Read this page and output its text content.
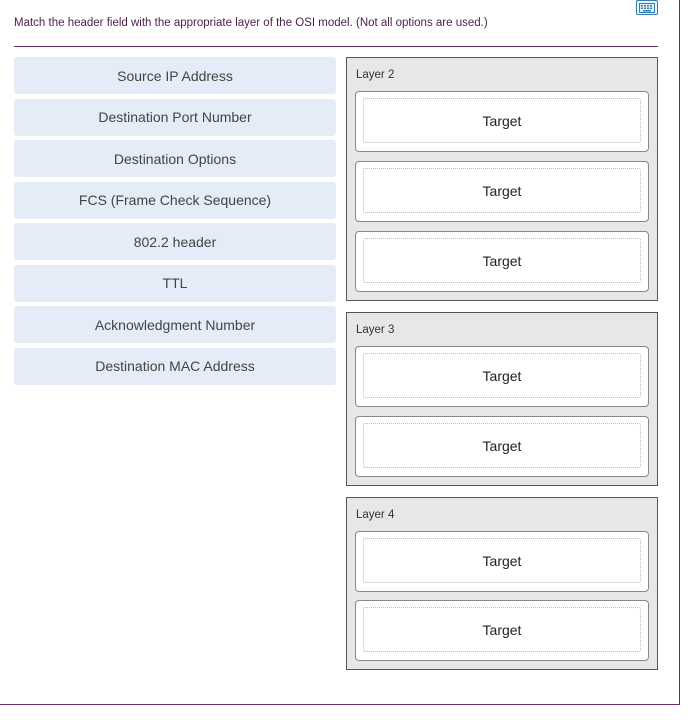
Match the header field with the appropriate layer of the OSI model. (Not all options are used.)
Source IP Address
Destination Port Number
Destination Options
FCS (Frame Check Sequence)
802.2 header
TTL
Acknowledgment Number
Destination MAC Address
Layer 2
Target
Target
Target
Layer 3
Target
Target
Layer 4
Target
Target
